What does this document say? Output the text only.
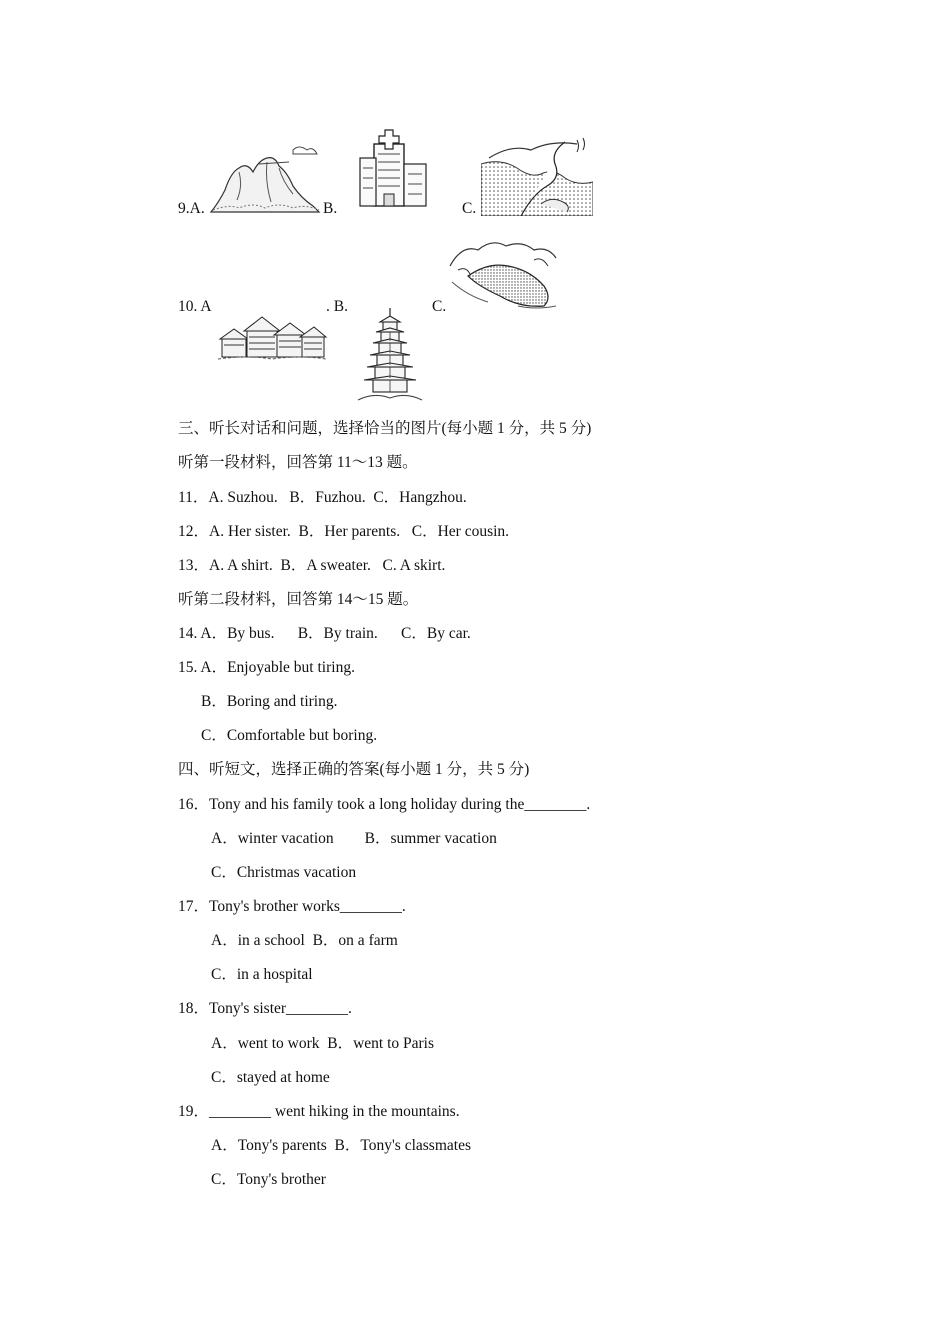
9.A.	B.	C.
10. A	. B.	C.
三、听长对话和问题，选择恰当的图片(每小题 1 分，共 5 分)
听第一段材料，回答第 11～13 题。
11．A. Suzhou.   B．Fuzhou.  C．Hangzhou.
12．A. Her sister.  B．Her parents.   C．Her cousin.
13．A. A shirt.  B．A sweater.   C. A skirt.
听第二段材料，回答第 14～15 题。
14. A．By bus.      B．By train.      C．By car.
15. A．Enjoyable but tiring.
B．Boring and tiring.
C．Comfortable but boring.
四、听短文，选择正确的答案(每小题 1 分，共 5 分)
16．Tony and his family took a long holiday during the________.
A．winter vacation        B．summer vacation
C．Christmas vacation
17．Tony's brother works________.
A．in a school  B．on a farm
C．in a hospital
18．Tony's sister________.
A．went to work  B．went to Paris
C．stayed at home
19．________ went hiking in the mountains.
A．Tony's parents  B．Tony's classmates
C．Tony's brother
